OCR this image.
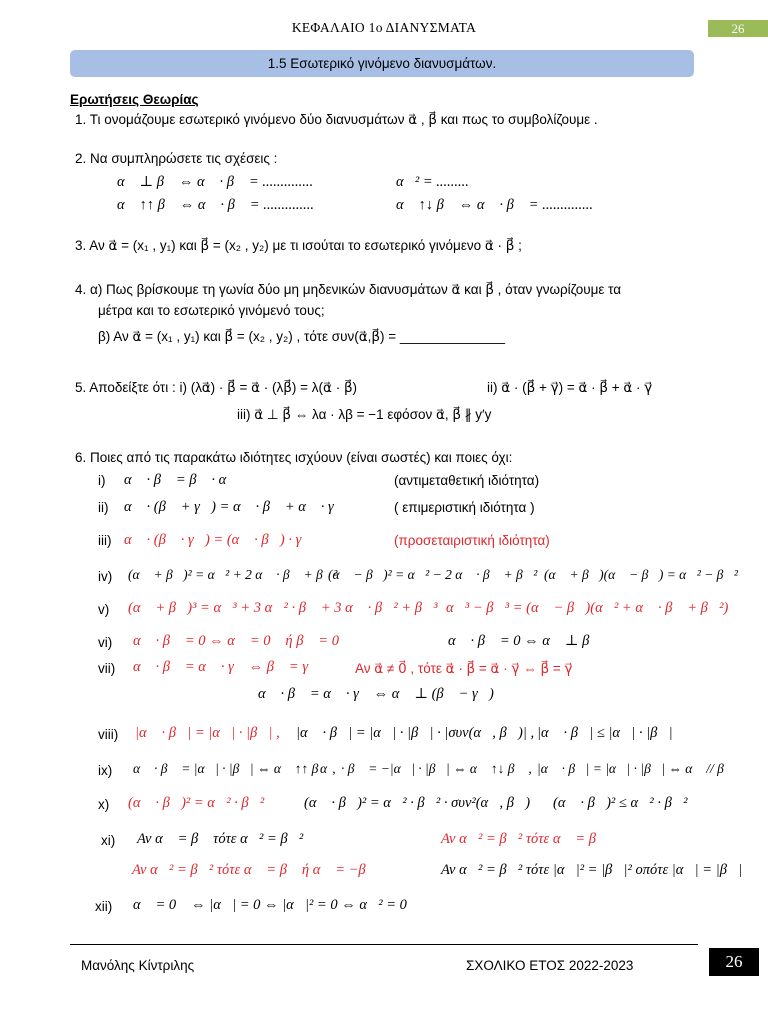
ΚΕΦΑΛΑΙΟ 1ο ΔΙΑΝΥΣΜΑΤΑ	26
1.5 Εσωτερικό γινόμενο διανυσμάτων.
Ερωτήσεις Θεωρίας
1. Τι ονομάζουμε εσωτερικό γινόμενο δύο διανυσμάτων α⃗ , β⃗ και πως το συμβολίζουμε .
2. Να συμπληρώσετε τις σχέσεις :
α⃗ ⊥ β⃗ ⇔ α⃗ · β⃗ = ..............	α⃗² = .........
α⃗ ↑↑ β⃗ ⇔ α⃗ · β⃗ = ..............	α⃗ ↑↓ β⃗ ⇔ α⃗ · β⃗ = ..............
3. Αν α⃗ = (x₁ , y₁) και β⃗ = (x₂ , y₂) με τι ισούται το εσωτερικό γινόμενο α⃗ · β⃗ ;
4. α) Πως βρίσκουμε τη γωνία δύο μη μηδενικών διανυσμάτων α⃗ και β⃗ , όταν γνωρίζουμε τα
μέτρα και το εσωτερικό γινόμενό τους;
β) Αν α⃗ = (x₁ , y₁) και β⃗ = (x₂ , y₂) , τότε συν(α⃗,β⃗) = ______________
5. Αποδείξτε ότι : i) (λα⃗) · β⃗ = α⃗ · (λβ⃗) = λ(α⃗ · β⃗)	ii) α⃗ · (β⃗ + γ⃗) = α⃗ · β⃗ + α⃗ · γ⃗
iii) α⃗ ⊥ β⃗ ⇔ λα · λβ = −1 εφόσον α⃗, β⃗ ∦ y′y
6. Ποιες από τις παρακάτω ιδιότητες ισχύουν (είναι σωστές) και ποιες όχι:
i) α⃗ · β⃗ = β⃗ · α⃗	(αντιμεταθετική ιδιότητα)
ii) α⃗ · (β⃗ + γ⃗) = α⃗ · β⃗ + α⃗ · γ⃗	( επιμεριστική ιδιότητα )
iii) α⃗ · (β⃗ · γ⃗) = (α⃗ · β⃗) · γ⃗	(προσεταιριστική ιδιότητα)
iv) (α⃗ + β⃗)² = α⃗² + 2 α⃗ · β⃗ + β⃗²
(α⃗ − β⃗)² = α⃗² − 2 α⃗ · β⃗ + β⃗² (α⃗ + β⃗)(α⃗ − β⃗) = α⃗² − β⃗²
v) (α⃗ + β⃗)³ = α⃗³ + 3 α⃗² · β⃗ + 3 α⃗ · β⃗² + β⃗³ α⃗³ − β⃗³ = (α⃗ − β⃗)(α⃗² + α⃗ · β⃗ + β⃗²)
vi) α⃗ · β⃗ = 0 ⇔ α⃗ = 0⃗ ή β⃗ = 0⃗	α⃗ · β⃗ = 0 ⇔ α⃗ ⊥ β⃗
vii) α⃗ · β⃗ = α⃗ · γ⃗ ⇔ β⃗ = γ⃗	Αν α⃗ ≠ 0⃗ , τότε α⃗ · β⃗ = α⃗ · γ⃗ ⇔ β⃗ = γ⃗
α⃗ · β⃗ = α⃗ · γ⃗ ⇔ α⃗ ⊥ (β⃗ − γ⃗)
viii) |α⃗ · β⃗| = |α⃗| · |β⃗| , |α⃗ · β⃗| = |α⃗| · |β⃗| · |συν(α⃗, β⃗)| , |α⃗ · β⃗| ≤ |α⃗| · |β⃗|
ix) α⃗ · β⃗ = |α⃗| · |β⃗| ⇔ α⃗ ↑↑ β⃗ ,
α⃗ · β⃗ = −|α⃗| · |β⃗| ⇔ α⃗ ↑↓ β⃗ , |α⃗ · β⃗| = |α⃗| · |β⃗| ⇔ α⃗ // β⃗
x) (α⃗ · β⃗)² = α⃗² · β⃗²	(α⃗ · β⃗)² = α⃗² · β⃗² · συν²(α⃗, β⃗) (α⃗ · β⃗)² ≤ α⃗² · β⃗²
xi) Αν α⃗ = β⃗ τότε α⃗² = β⃗²	Αν α⃗² = β⃗² τότε α⃗ = β⃗
Αν α⃗² = β⃗² τότε α⃗ = β⃗ ή α⃗ = −β⃗	Αν α⃗² = β⃗² τότε |α⃗|² = |β⃗|² οπότε |α⃗| = |β⃗|
xii) α⃗ = 0⃗ ⇔ |α⃗| = 0 ⇔ |α⃗|² = 0 ⇔ α⃗² = 0
Μανόλης Κίντριλης	ΣΧΟΛΙΚΟ ΕΤΟΣ 2022-2023	26
